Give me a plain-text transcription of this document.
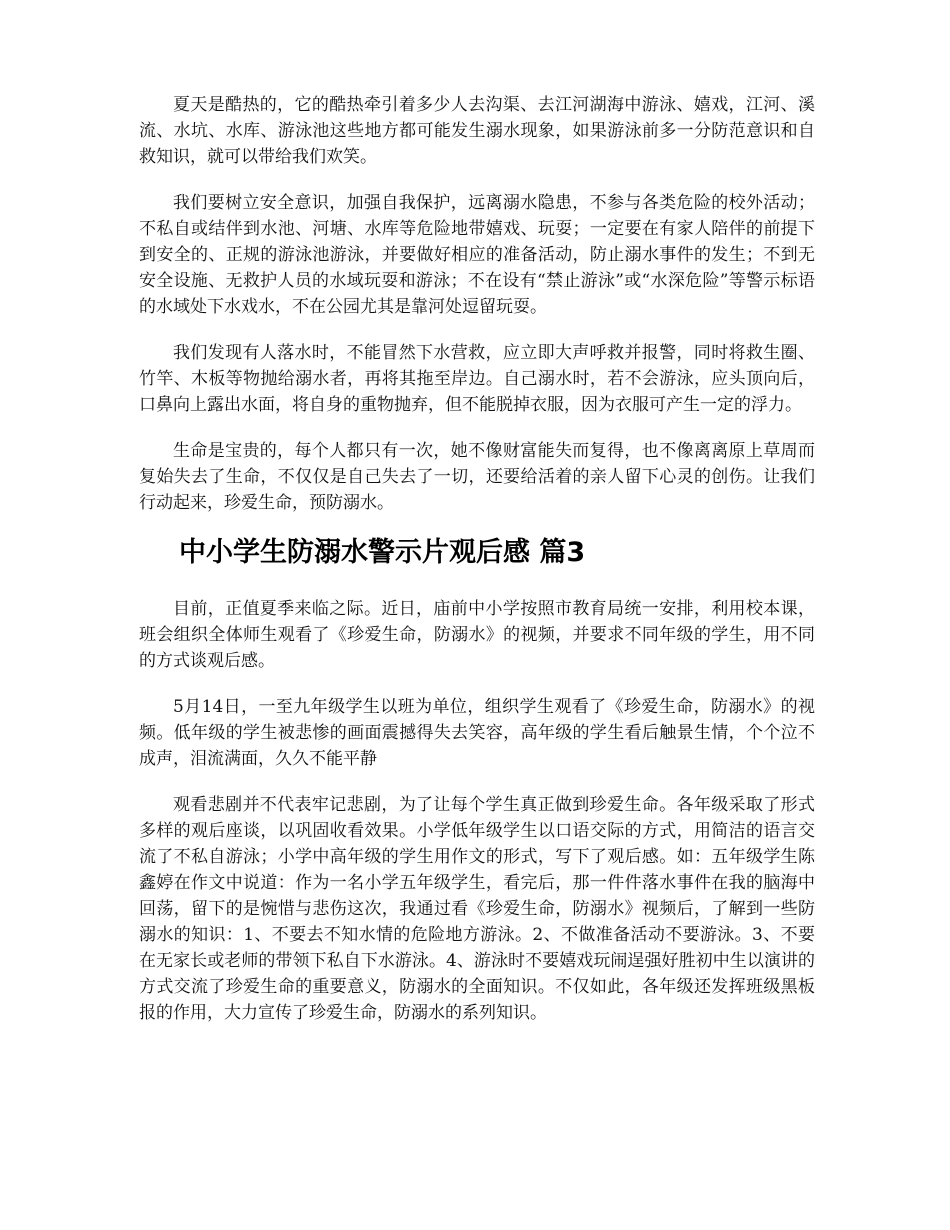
夏天是酷热的，它的酷热牵引着多少人去沟渠、去江河湖海中游泳、嬉戏，江河、溪流、水坑、水库、游泳池这些地方都可能发生溺水现象，如果游泳前多一分防范意识和自救知识，就可以带给我们欢笑。

我们要树立安全意识，加强自我保护，远离溺水隐患，不参与各类危险的校外活动；不私自或结伴到水池、河塘、水库等危险地带嬉戏、玩耍；一定要在有家人陪伴的前提下到安全的、正规的游泳池游泳，并要做好相应的准备活动，防止溺水事件的发生；不到无安全设施、无救护人员的水域玩耍和游泳；不在设有“禁止游泳”或“水深危险”等警示标语的水域处下水戏水，不在公园尤其是靠河处逗留玩耍。

我们发现有人落水时，不能冒然下水营救，应立即大声呼救并报警，同时将救生圈、竹竿、木板等物抛给溺水者，再将其拖至岸边。自己溺水时，若不会游泳，应头顶向后，口鼻向上露出水面，将自身的重物抛弃，但不能脱掉衣服，因为衣服可产生一定的浮力。

生命是宝贵的，每个人都只有一次，她不像财富能失而复得，也不像离离原上草周而复始失去了生命，不仅仅是自己失去了一切，还要给活着的亲人留下心灵的创伤。让我们行动起来，珍爱生命，预防溺水。

中小学生防溺水警示片观后感 篇3

目前，正值夏季来临之际。近日，庙前中小学按照市教育局统一安排，利用校本课，班会组织全体师生观看了《珍爱生命，防溺水》的视频，并要求不同年级的学生，用不同的方式谈观后感。

5月14日，一至九年级学生以班为单位，组织学生观看了《珍爱生命，防溺水》的视频。低年级的学生被悲惨的画面震撼得失去笑容，高年级的学生看后触景生情，个个泣不成声，泪流满面，久久不能平静

观看悲剧并不代表牢记悲剧，为了让每个学生真正做到珍爱生命。各年级采取了形式多样的观后座谈，以巩固收看效果。小学低年级学生以口语交际的方式，用简洁的语言交流了不私自游泳；小学中高年级的学生用作文的形式，写下了观后感。如：五年级学生陈鑫婷在作文中说道：作为一名小学五年级学生，看完后，那一件件落水事件在我的脑海中回荡，留下的是惋惜与悲伤这次，我通过看《珍爱生命，防溺水》视频后，了解到一些防溺水的知识：1、不要去不知水情的危险地方游泳。2、不做准备活动不要游泳。3、不要在无家长或老师的带领下私自下水游泳。4、游泳时不要嬉戏玩闹逞强好胜初中生以演讲的方式交流了珍爱生命的重要意义，防溺水的全面知识。不仅如此，各年级还发挥班级黑板报的作用，大力宣传了珍爱生命，防溺水的系列知识。
